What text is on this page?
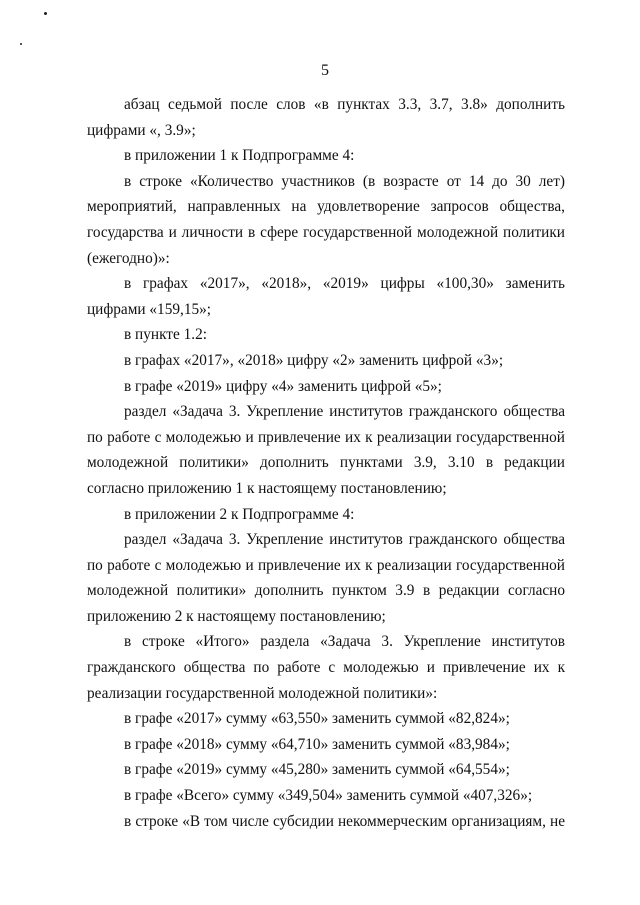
5

абзац седьмой после слов «в пунктах 3.3, 3.7, 3.8» дополнить цифрами «, 3.9»;

в приложении 1 к Подпрограмме 4:

в строке «Количество участников (в возрасте от 14 до 30 лет) мероприятий, направленных на удовлетворение запросов общества, государства и личности в сфере государственной молодежной политики (ежегодно)»:

в графах «2017», «2018», «2019» цифры «100,30» заменить цифрами «159,15»;

в пункте 1.2:

в графах «2017», «2018» цифру «2» заменить цифрой «3»;

в графе «2019» цифру «4» заменить цифрой «5»;

раздел «Задача 3. Укрепление институтов гражданского общества по работе с молодежью и привлечение их к реализации государственной молодежной политики» дополнить пунктами 3.9, 3.10 в редакции согласно приложению 1 к настоящему постановлению;

в приложении 2 к Подпрограмме 4:

раздел «Задача 3. Укрепление институтов гражданского общества по работе с молодежью и привлечение их к реализации государственной молодежной политики» дополнить пунктом 3.9 в редакции согласно приложению 2 к настоящему постановлению;

в строке «Итого» раздела «Задача 3. Укрепление институтов гражданского общества по работе с молодежью и привлечение их к реализации государственной молодежной политики»:

в графе «2017» сумму «63,550» заменить суммой «82,824»;

в графе «2018» сумму «64,710» заменить суммой «83,984»;

в графе «2019» сумму «45,280» заменить суммой «64,554»;

в графе «Всего» сумму «349,504» заменить суммой «407,326»;

в строке «В том числе субсидии некоммерческим организациям, не
